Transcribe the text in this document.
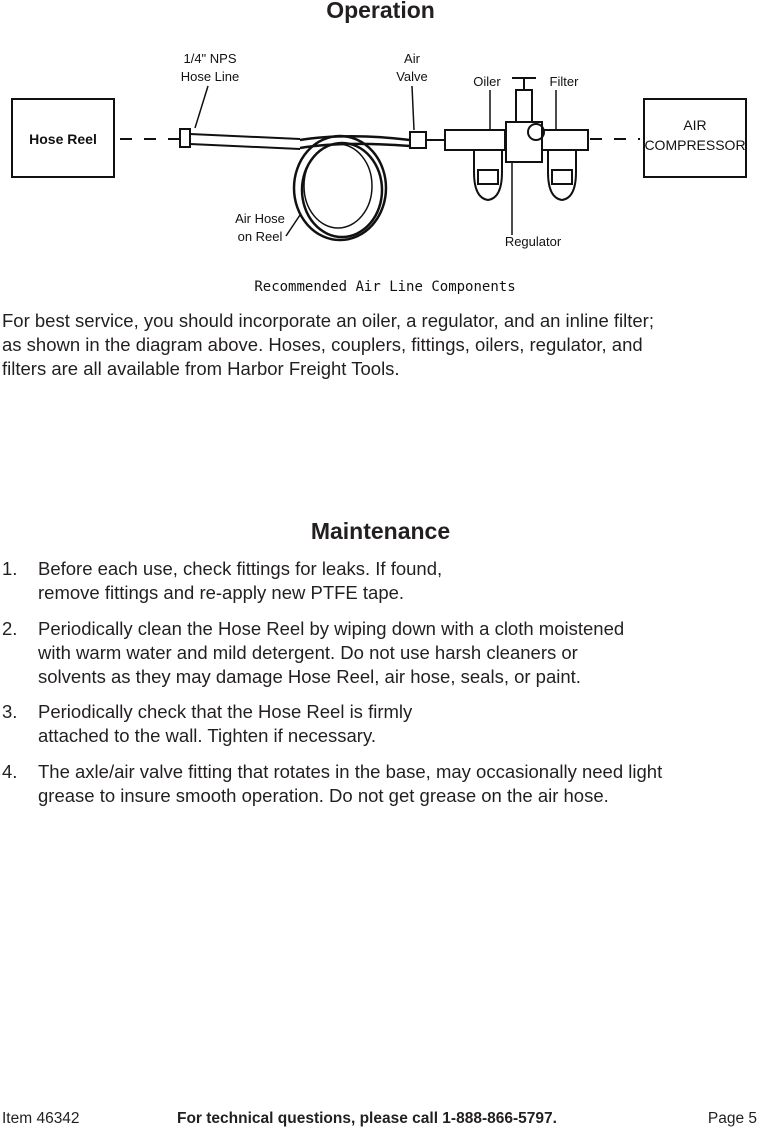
Operation
Hose Reel
AIR
COMPRESSOR
1/4" NPS
Hose Line
Air
Valve	Oiler	Filter
Air Hose
on Reel	Regulator
Recommended Air Line Components
For best service, you should incorporate an oiler, a regulator, and an inline filter;
as shown in the diagram above. Hoses, couplers, fittings, oilers, regulator, and
filters are all available from Harbor Freight Tools.
Maintenance
1. Before each use, check fittings for leaks. If found,
remove fittings and re-apply new PTFE tape.
2. Periodically clean the Hose Reel by wiping down with a cloth moistened
with warm water and mild detergent. Do not use harsh cleaners or
solvents as they may damage Hose Reel, air hose, seals, or paint.
3. Periodically check that the Hose Reel is firmly
attached to the wall. Tighten if necessary.
4. The axle/air valve fitting that rotates in the base, may occasionally need light
grease to insure smooth operation. Do not get grease on the air hose.
Item 46342	For technical questions, please call 1-888-866-5797.	Page 5
